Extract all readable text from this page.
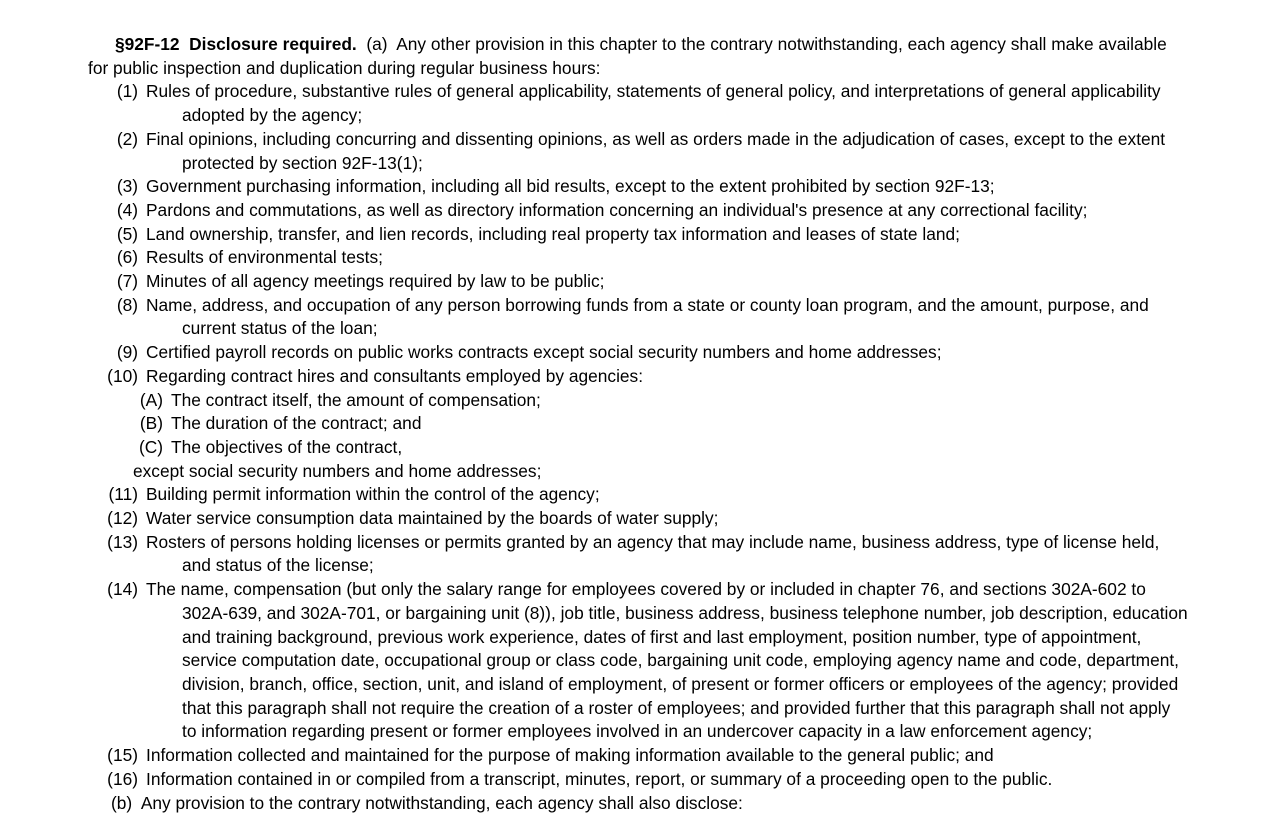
§92F-12  Disclosure required.  (a)  Any other provision in this chapter to the contrary notwithstanding, each agency shall make available for public inspection and duplication during regular business hours:

(1) Rules of procedure, substantive rules of general applicability, statements of general policy, and interpretations of general applicability adopted by the agency;

(2) Final opinions, including concurring and dissenting opinions, as well as orders made in the adjudication of cases, except to the extent protected by section 92F-13(1);

(3) Government purchasing information, including all bid results, except to the extent prohibited by section 92F-13;

(4) Pardons and commutations, as well as directory information concerning an individual's presence at any correctional facility;

(5) Land ownership, transfer, and lien records, including real property tax information and leases of state land;

(6) Results of environmental tests;

(7) Minutes of all agency meetings required by law to be public;

(8) Name, address, and occupation of any person borrowing funds from a state or county loan program, and the amount, purpose, and current status of the loan;

(9) Certified payroll records on public works contracts except social security numbers and home addresses;

(10) Regarding contract hires and consultants employed by agencies:

(A) The contract itself, the amount of compensation;

(B) The duration of the contract; and

(C) The objectives of the contract,

except social security numbers and home addresses;

(11) Building permit information within the control of the agency;

(12) Water service consumption data maintained by the boards of water supply;

(13) Rosters of persons holding licenses or permits granted by an agency that may include name, business address, type of license held, and status of the license;

(14) The name, compensation (but only the salary range for employees covered by or included in chapter 76, and sections 302A-602 to 302A-639, and 302A-701, or bargaining unit (8)), job title, business address, business telephone number, job description, education and training background, previous work experience, dates of first and last employment, position number, type of appointment, service computation date, occupational group or class code, bargaining unit code, employing agency name and code, department, division, branch, office, section, unit, and island of employment, of present or former officers or employees of the agency; provided that this paragraph shall not require the creation of a roster of employees; and provided further that this paragraph shall not apply to information regarding present or former employees involved in an undercover capacity in a law enforcement agency;

(15) Information collected and maintained for the purpose of making information available to the general public; and

(16) Information contained in or compiled from a transcript, minutes, report, or summary of a proceeding open to the public.

(b)  Any provision to the contrary notwithstanding, each agency shall also disclose:
